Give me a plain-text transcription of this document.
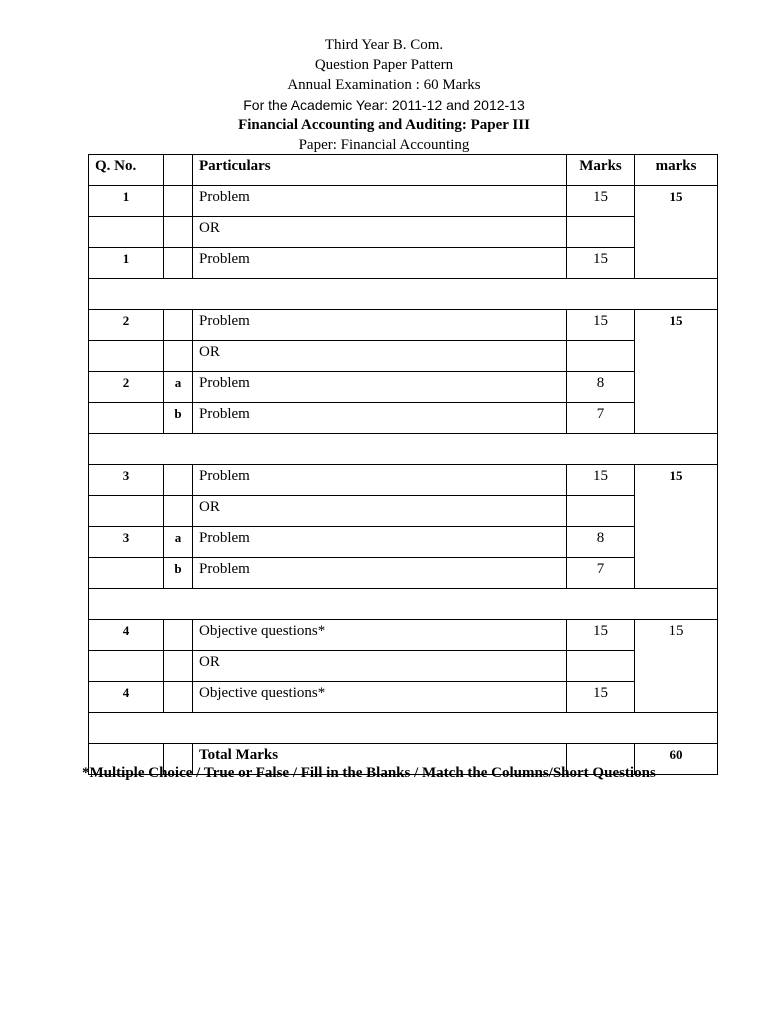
Third Year B. Com.
Question Paper Pattern
Annual Examination : 60 Marks
For the Academic Year: 2011-12 and 2012-13
Financial Accounting and Auditing: Paper III
Paper: Financial Accounting
Q. No.		Particulars	Marks	marks
1		Problem	15	15
		OR		
1		Problem	15	

2		Problem	15	15
		OR		
2	a	Problem	8	
	b	Problem	7	

3		Problem	15	15
		OR		
3	a	Problem	8	
	b	Problem	7	

4		Objective questions*	15	15
		OR		
4		Objective questions*	15	

		Total Marks		60
*Multiple Choice / True or False / Fill in the Blanks / Match the Columns/Short Questions
